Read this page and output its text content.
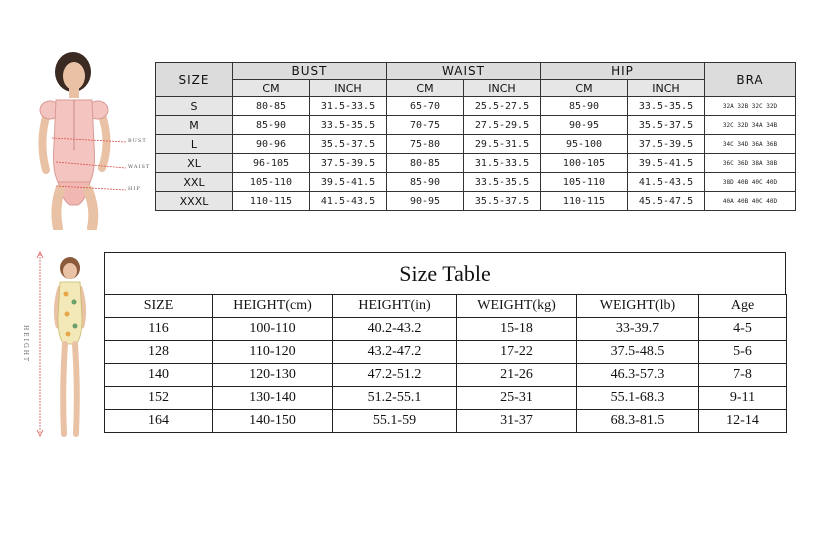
BUST
WAIST
HIP
SIZE	BUST		WAIST		HIP		BRA
	CM	INCH	CM	INCH	CM	INCH	
S	80-85	31.5-33.5	65-70	25.5-27.5	85-90	33.5-35.5	32A 32B 32C 32D
M	85-90	33.5-35.5	70-75	27.5-29.5	90-95	35.5-37.5	32C 32D 34A 34B
L	90-96	35.5-37.5	75-80	29.5-31.5	95-100	37.5-39.5	34C 34D 36A 36B
XL	96-105	37.5-39.5	80-85	31.5-33.5	100-105	39.5-41.5	36C 36D 38A 38B
XXL	105-110	39.5-41.5	85-90	33.5-35.5	105-110	41.5-43.5	38D 40B 40C 40D
XXXL	110-115	41.5-43.5	90-95	35.5-37.5	110-115	45.5-47.5	40A 40B 40C 40D
HEIGHT
Size Table
SIZE	HEIGHT(cm)	HEIGHT(in)	WEIGHT(kg)	WEIGHT(lb)	Age
116	100-110	40.2-43.2	15-18	33-39.7	4-5
128	110-120	43.2-47.2	17-22	37.5-48.5	5-6
140	120-130	47.2-51.2	21-26	46.3-57.3	7-8
152	130-140	51.2-55.1	25-31	55.1-68.3	9-11
164	140-150	55.1-59	31-37	68.3-81.5	12-14
